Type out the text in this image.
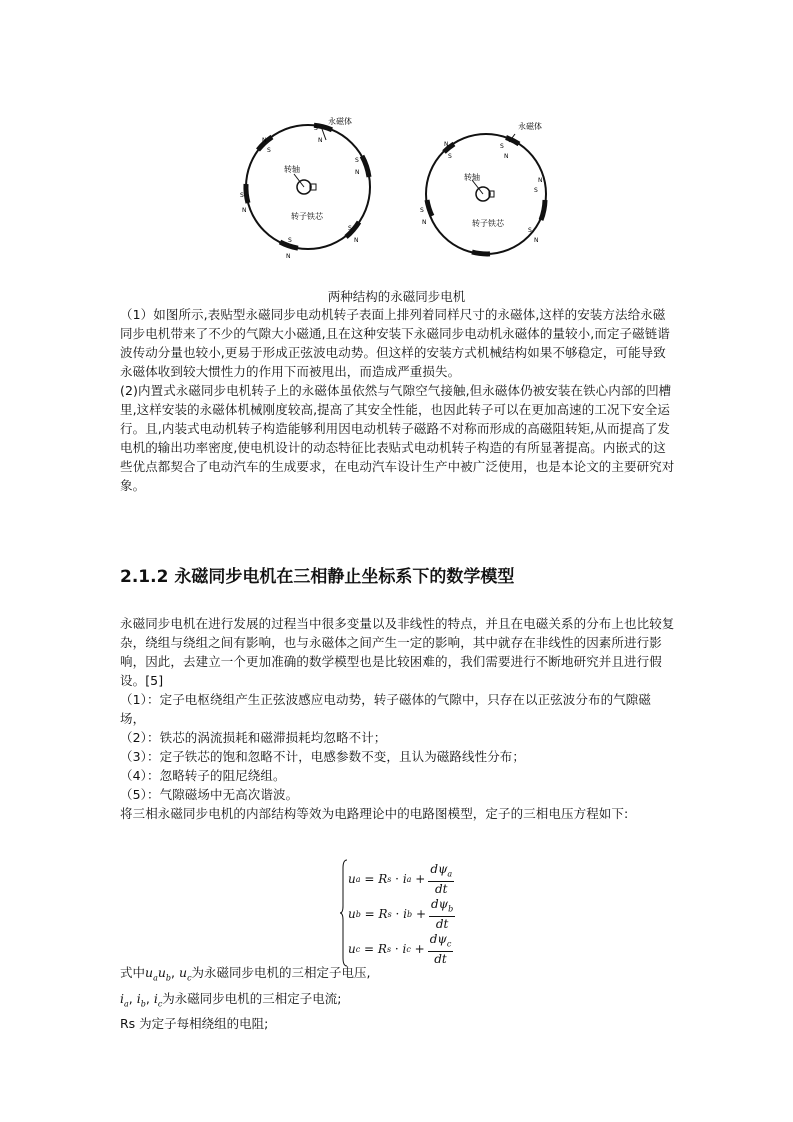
永磁体
转轴
转子铁芯
S
N
N
S
S
N
S
N
S
N
S
N
永磁体
转轴
转子铁芯
S
N
N
S
N
S
S
N
S
N
两种结构的永磁同步电机

（1）如图所示,表贴型永磁同步电动机转子表面上排列着同样尺寸的永磁体,这样的安装方法给永磁同步电机带来了不少的气隙大小磁通,且在这种安装下永磁同步电动机永磁体的量较小,而定子磁链谐波传动分量也较小,更易于形成正弦波电动势。但这样的安装方式机械结构如果不够稳定，可能导致永磁体收到较大惯性力的作用下而被甩出，而造成严重损失。

(2)内置式永磁同步电机转子上的永磁体虽依然与气隙空气接触,但永磁体仍被安装在铁心内部的凹槽里,这样安装的永磁体机械刚度较高,提高了其安全性能，也因此转子可以在更加高速的工况下安全运行。且,内装式电动机转子构造能够利用因电动机转子磁路不对称而形成的高磁阻转矩,从而提高了发电机的输出功率密度,使电机设计的动态特征比表贴式电动机转子构造的有所显著提高。内嵌式的这些优点都契合了电动汽车的生成要求，在电动汽车设计生产中被广泛使用，也是本论文的主要研究对象。

2.1.2 永磁同步电机在三相静止坐标系下的数学模型

永磁同步电机在进行发展的过程当中很多变量以及非线性的特点，并且在电磁关系的分布上也比较复杂，绕组与绕组之间有影响，也与永磁体之间产生一定的影响，其中就存在非线性的因素所进行影响，因此，去建立一个更加准确的数学模型也是比较困难的，我们需要进行不断地研究并且进行假设。[5]

（1）：定子电枢绕组产生正弦波感应电动势，转子磁体的气隙中，只存在以正弦波分布的气隙磁场，

（2）：铁芯的涡流损耗和磁滞损耗均忽略不计；

（3）：定子铁芯的饱和忽略不计，电感参数不变，且认为磁路线性分布；

（4）：忽略转子的阻尼绕组。

（5）：气隙磁场中无高次谐波。

将三相永磁同步电机的内部结构等效为电路理论中的电路图模型，定子的三相电压方程如下:

u a = R s · i $a + \frac{d\psi_a}{dt}$
u b = R s · i $b + \frac{d\psi_b}{dt}$
u c = R s · i $c + \frac{d\psi_c}{dt}$
式中$u_au_b$, $u_c$为永磁同步电机的三相定子电压,
$i_a$, $i_b$, $i_c$为永磁同步电机的三相定子电流;
Rs 为定子每相绕组的电阻;
